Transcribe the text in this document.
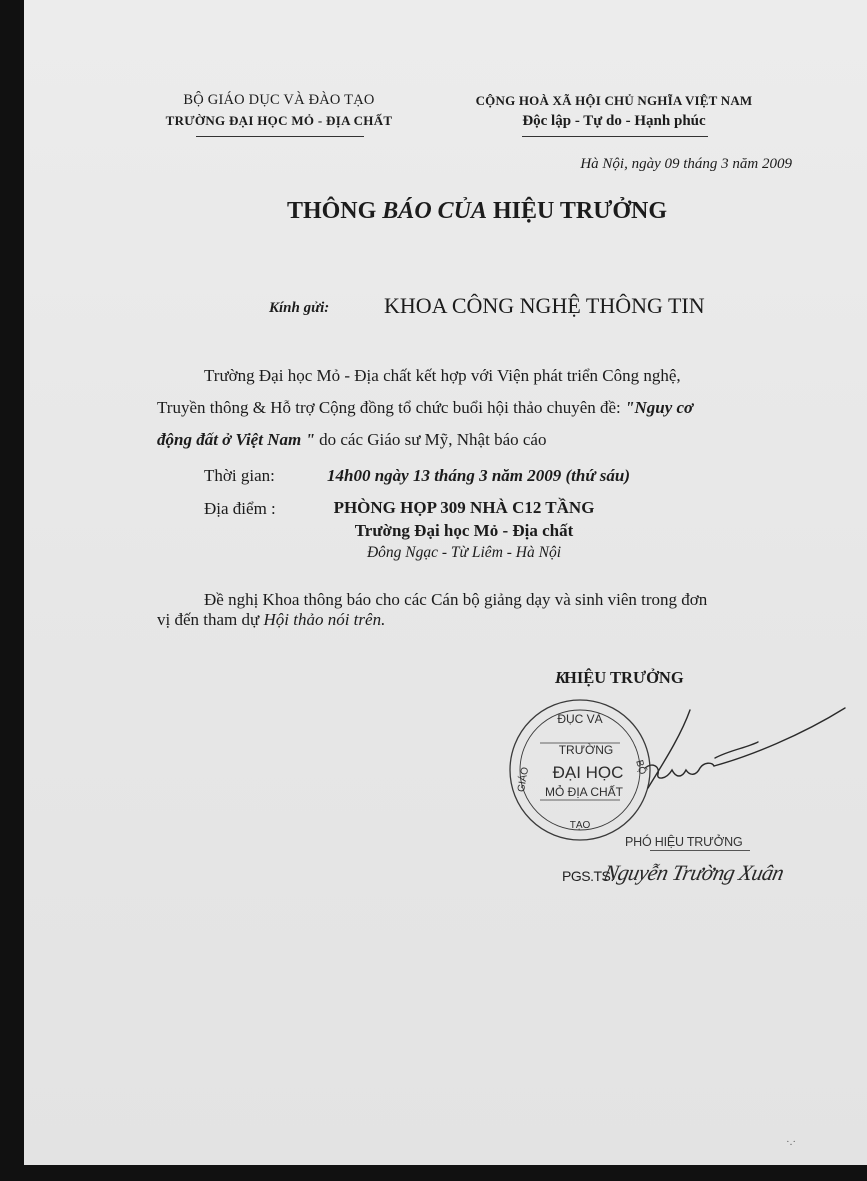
BỘ GIÁO DỤC VÀ ĐÀO TẠO
TRƯỜNG ĐẠI HỌC MỎ - ĐỊA CHẤT
CỘNG HOÀ XÃ HỘI CHỦ NGHĨA VIỆT NAM
Độc lập - Tự do - Hạnh phúc
Hà Nội, ngày 09 tháng 3 năm 2009
THÔNG BÁO CỦA HIỆU TRƯỞNG
Kính gửi: KHOA CÔNG NGHỆ THÔNG TIN
Trường Đại học Mỏ - Địa chất kết hợp với Viện phát triển Công nghệ,
Truyền thông & Hỗ trợ Cộng đồng tổ chức buổi hội thảo chuyên đề: "Nguy cơ
động đất ở Việt Nam " do các Giáo sư Mỹ, Nhật báo cáo
Thời gian:	14h00 ngày 13 tháng 3 năm 2009 (thứ sáu)
Địa điểm :	PHÒNG HỌP 309 NHÀ C12 TẦNG
Trường Đại học Mỏ - Địa chất
Đông Ngạc - Từ Liêm - Hà Nội
Đề nghị Khoa thông báo cho các Cán bộ giảng dạy và sinh viên trong đơn
vị đến tham dự Hội thảo nói trên.
KHIỆU TRƯỞNG
ĐỤC VÀ
GIÁO
TẠO
BỘ
TRƯỜNG
ĐẠI HỌC
MỎ ĐỊA CHẤT
PHÓ HIỆU TRƯỞNG
PGS.TS.
Nguyễn Trường Xuân
·.·
